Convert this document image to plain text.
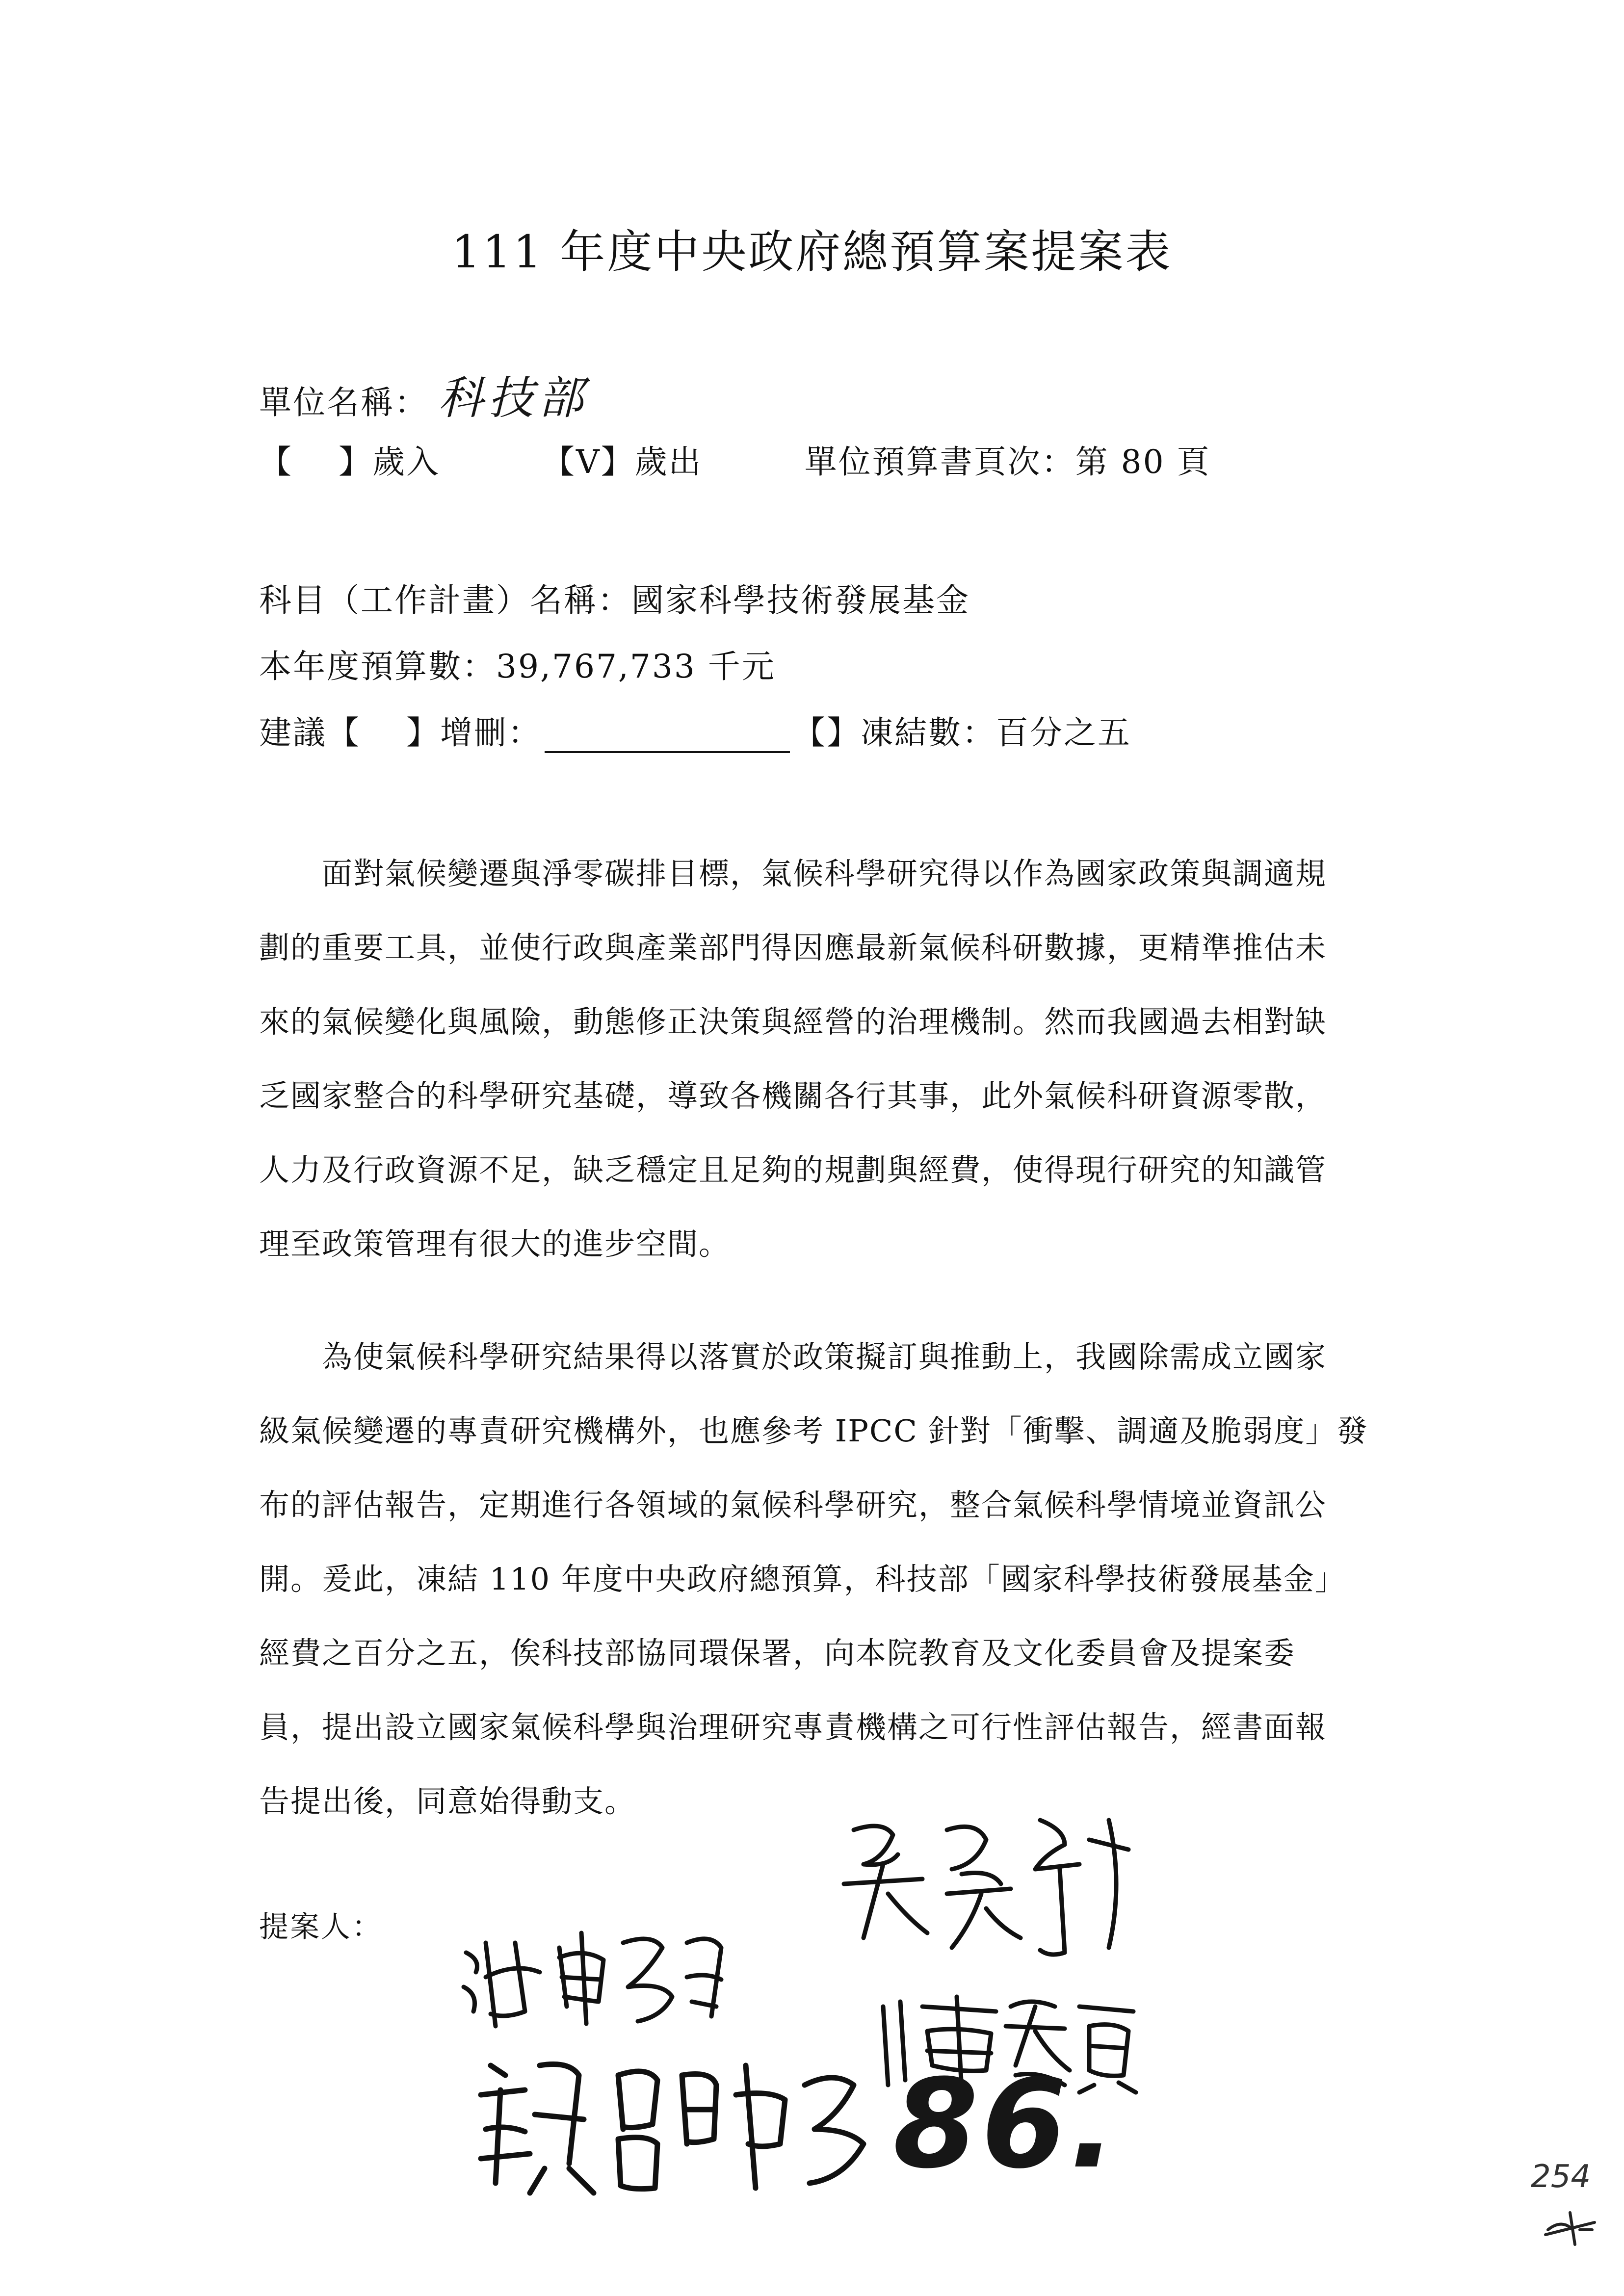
111 年度中央政府總預算案提案表
單位名稱： 科技部
【　 】歲入	【V】歲出	單位預算書頁次：第 80 頁
科目（工作計畫）名稱：國家科學技術發展基金
本年度預算數：39,767,733 千元
建議【　 】增刪：	【】凍結數：百分之五
　　面對氣候變遷與淨零碳排目標，氣候科學研究得以作為國家政策與調適規
劃的重要工具，並使行政與產業部門得因應最新氣候科研數據，更精準推估未
來的氣候變化與風險，動態修正決策與經營的治理機制。然而我國過去相對缺
乏國家整合的科學研究基礎，導致各機關各行其事，此外氣候科研資源零散，
人力及行政資源不足，缺乏穩定且足夠的規劃與經費，使得現行研究的知識管
理至政策管理有很大的進步空間。
　　為使氣候科學研究結果得以落實於政策擬訂與推動上，我國除需成立國家
級氣候變遷的專責研究機構外，也應參考 IPCC 針對「衝擊、調適及脆弱度」發
布的評估報告，定期進行各領域的氣候科學研究，整合氣候科學情境並資訊公
開。爰此，凍結 110 年度中央政府總預算，科技部「國家科學技術發展基金」
經費之百分之五，俟科技部協同環保署，向本院教育及文化委員會及提案委
員，提出設立國家氣候科學與治理研究專責機構之可行性評估報告，經書面報
告提出後，同意始得動支。
提案人：
86.	254
